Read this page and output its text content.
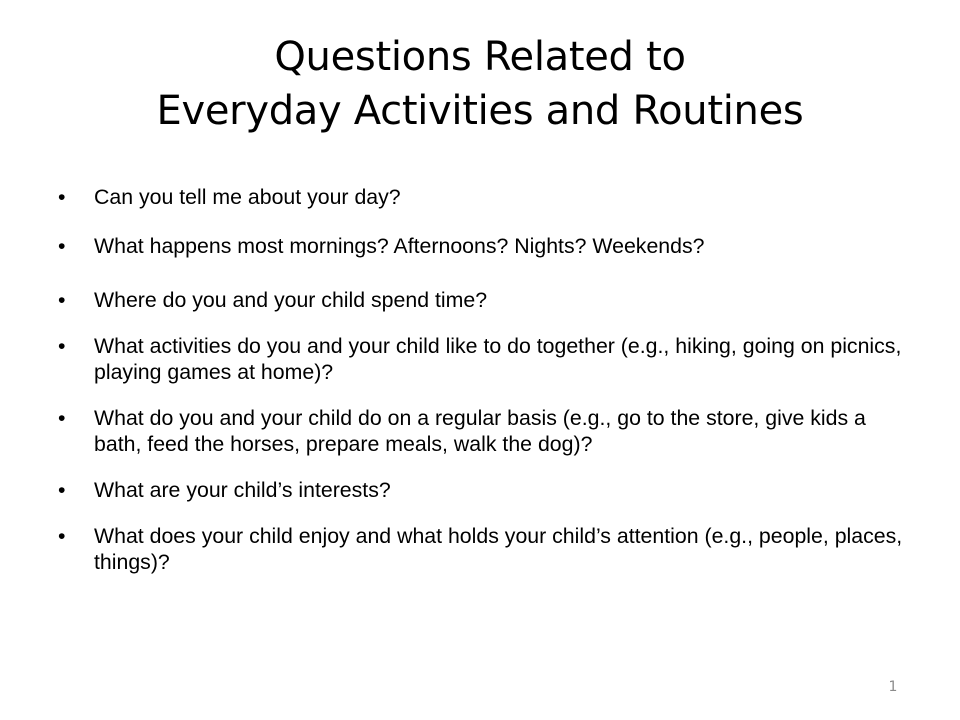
Questions Related to
Everyday Activities and Routines
• Can you tell me about your day?
• What happens most mornings? Afternoons? Nights? Weekends?
• Where do you and your child spend time?
• What activities do you and your child like to do together (e.g., hiking, going on picnics, playing games at home)?
• What do you and your child do on a regular basis (e.g., go to the store, give kids a bath, feed the horses, prepare meals, walk the dog)?
• What are your child’s interests?
• What does your child enjoy and what holds your child’s attention (e.g., people, places, things)?
1
